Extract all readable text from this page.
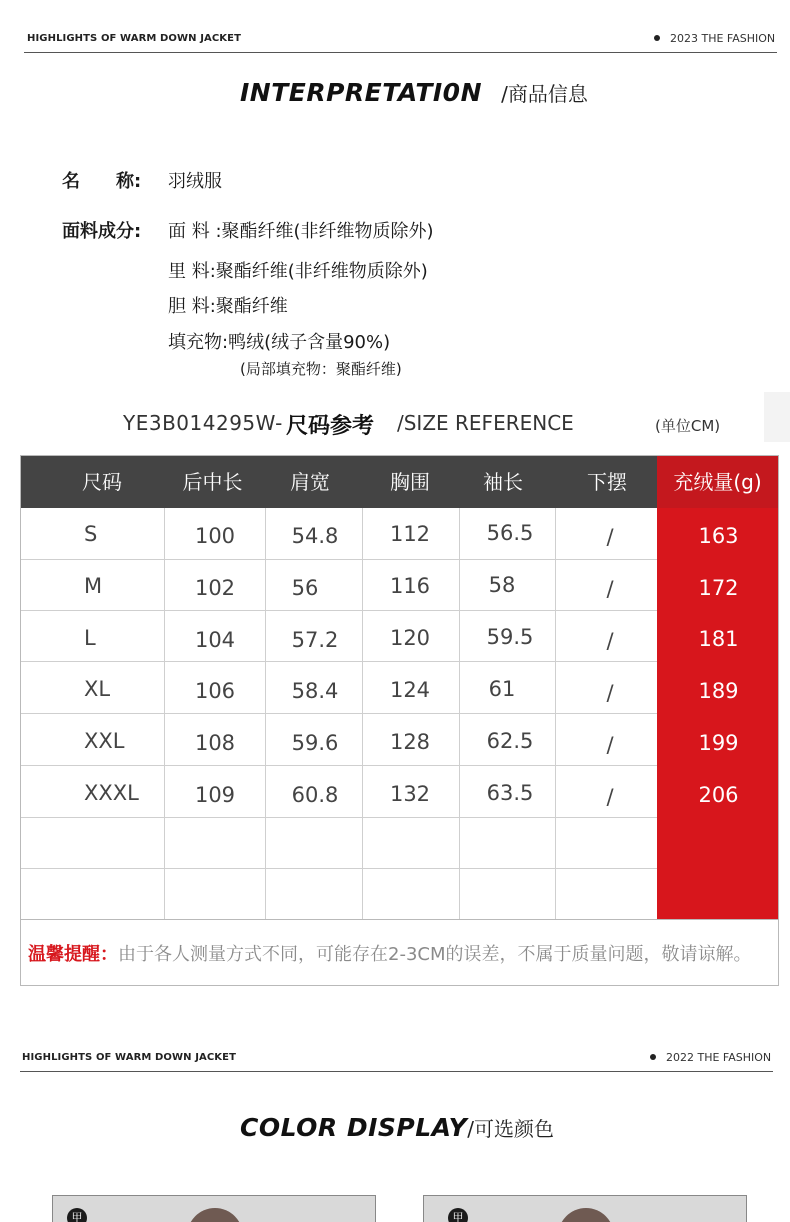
HIGHLIGHTS OF WARM DOWN JACKET	2023 THE FASHION
INTERPRETATI0N /商品信息
名　　称: 羽绒服
面料成分: 面 料 :聚酯纤维(非纤维物质除外)
里 料:聚酯纤维(非纤维物质除外)
胆 料:聚酯纤维
填充物:鸭绒(绒子含量90%)
(局部填充物：聚酯纤维)
YE3B014295W- 尺码参考 /SIZE REFERENCE	(单位CM)
尺码	后中长	肩宽	胸围	袖长	下摆	充绒量(g)
S	100	54.8	112	56.5	/	163
M	102	56	116	58	/	172
L	104	57.2	120	59.5	/	181
XL	106	58.4	124	61	/	189
XXL	108	59.6	128	62.5	/	199
XXXL	109	60.8	132	63.5	/	206
温馨提醒：由于各人测量方式不同，可能存在2-3CM的误差，不属于质量问题，敬请谅解。
HIGHLIGHTS OF WARM DOWN JACKET	2022 THE FASHION
COLOR DISPLAY/可选颜色
甲	甲
